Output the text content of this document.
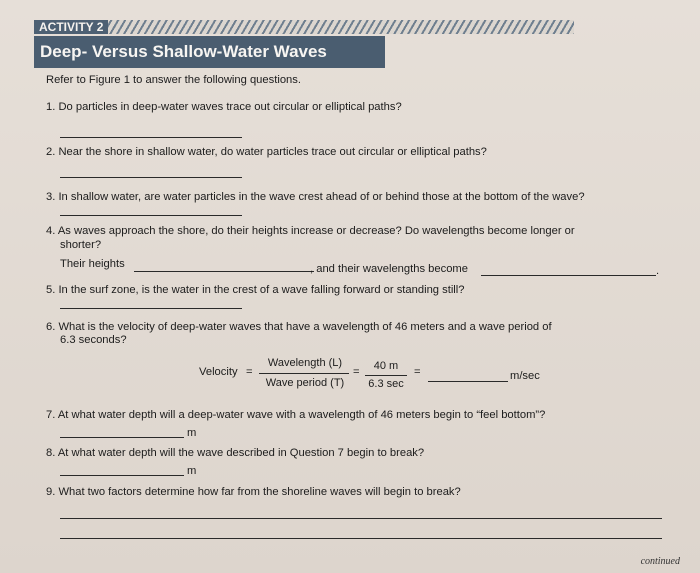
ACTIVITY 2
Deep- Versus Shallow-Water Waves
Refer to Figure 1 to answer the following questions.
1. Do particles in deep-water waves trace out circular or elliptical paths?
2. Near the shore in shallow water, do water particles trace out circular or elliptical paths?
3. In shallow water, are water particles in the wave crest ahead of or behind those at the bottom of the wave?
4. As waves approach the shore, do their heights increase or decrease? Do wavelengths become longer or
shorter?
Their heights	, and their wavelengths become	.
5. In the surf zone, is the water in the crest of a wave falling forward or standing still?
6. What is the velocity of deep-water waves that have a wavelength of 46 meters and a wave period of
6.3 seconds?
Velocity =
Wavelength (L)
Wave period (T)
=	40 m
6.3 sec
=	m/sec
7. At what water depth will a deep-water wave with a wavelength of 46 meters begin to “feel bottom”?
m
8. At what water depth will the wave described in Question 7 begin to break?
m
9. What two factors determine how far from the shoreline waves will begin to break?
continued
